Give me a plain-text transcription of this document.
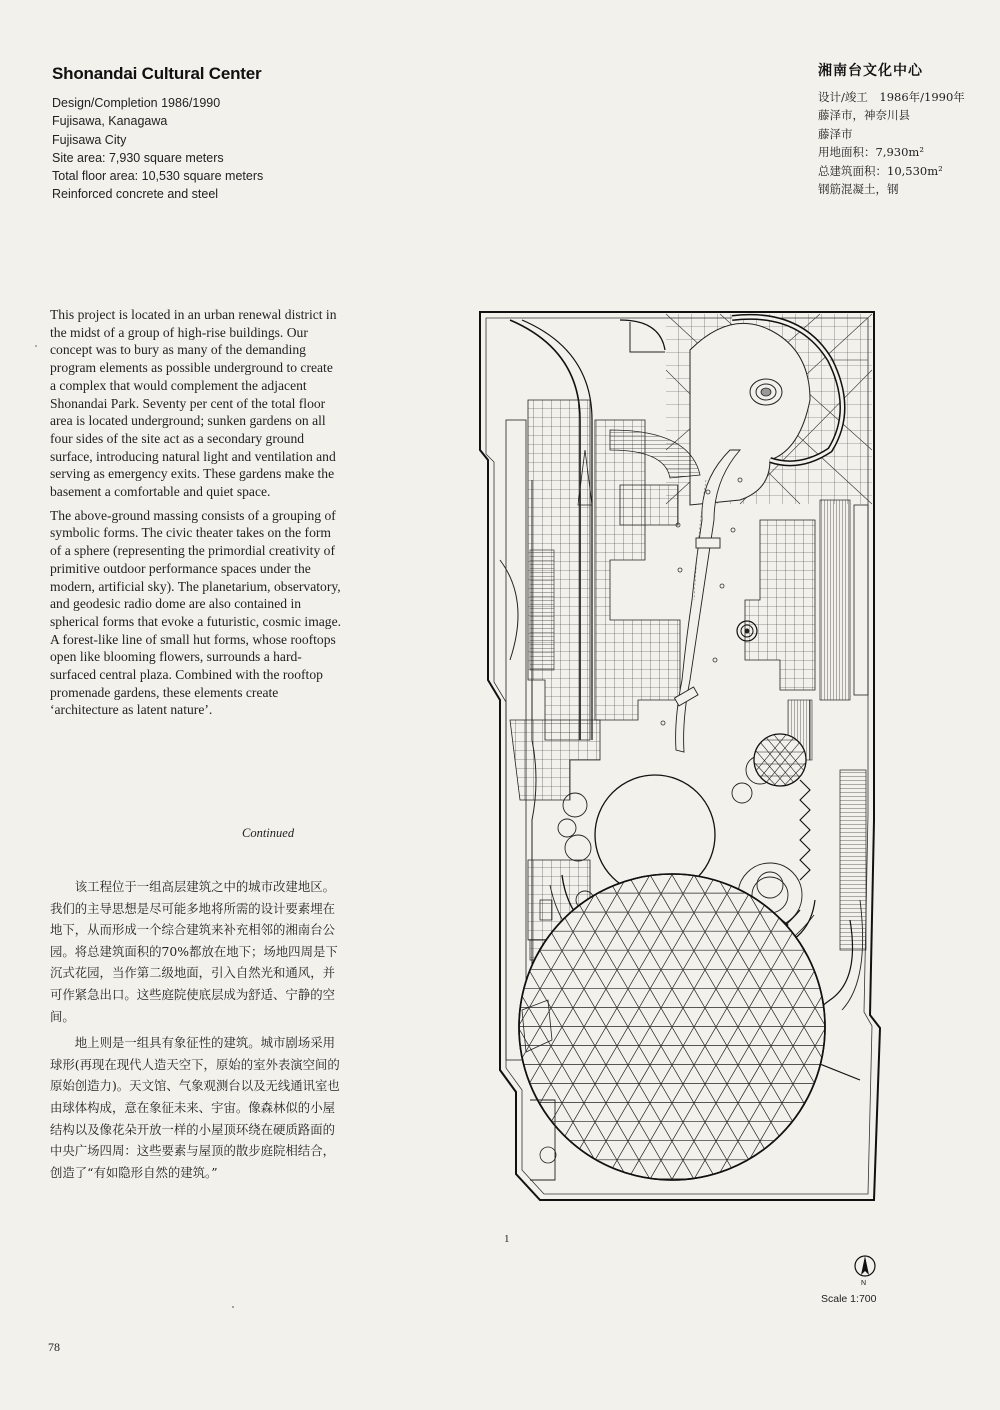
Shonandai Cultural Center
Design/Completion 1986/1990
Fujisawa, Kanagawa
Fujisawa City
Site area: 7,930 square meters
Total floor area: 10,530 square meters
Reinforced concrete and steel
湘南台文化中心
设计/竣工　1986年/1990年
藤泽市，神奈川县
藤泽市
用地面积：7,930m²
总建筑面积：10,530m²
钢筋混凝土，钢

This project is located in an urban renewal district in the midst of a group of high-rise buildings. Our concept was to bury as many of the demanding program elements as possible underground to create a complex that would complement the adjacent Shonandai Park. Seventy per cent of the total floor area is located underground; sunken gardens on all four sides of the site act as a secondary ground surface, introducing natural light and ventilation and serving as emergency exits. These gardens make the basement a comfortable and quiet space.

The above-ground massing consists of a grouping of symbolic forms. The civic theater takes on the form of a sphere (representing the primordial creativity of primitive outdoor performance spaces under the modern, artificial sky). The planetarium, observatory, and geodesic radio dome are also contained in spherical forms that evoke a futuristic, cosmic image. A forest-like line of small hut forms, whose rooftops open like blooming flowers, surrounds a hard-surfaced central plaza. Combined with the rooftop promenade gardens, these elements create ‘architecture as latent nature’.

Continued

该工程位于一组高层建筑之中的城市改建地区。我们的主导思想是尽可能多地将所需的设计要素埋在地下，从而形成一个综合建筑来补充相邻的湘南台公园。将总建筑面积的70%都放在地下；场地四周是下沉式花园，当作第二级地面，引入自然光和通风，并可作紧急出口。这些庭院使底层成为舒适、宁静的空间。

地上则是一组具有象征性的建筑。城市剧场采用球形(再现在现代人造天空下，原始的室外表演空间的原始创造力)。天文馆、气象观测台以及无线通讯室也由球体构成，意在象征未来、宇宙。像森林似的小屋结构以及像花朵开放一样的小屋顶环绕在硬质路面的中央广场四周：这些要素与屋顶的散步庭院相结合，创造了“有如隐形自然的建筑。”

1
N
Scale 1:700
78
